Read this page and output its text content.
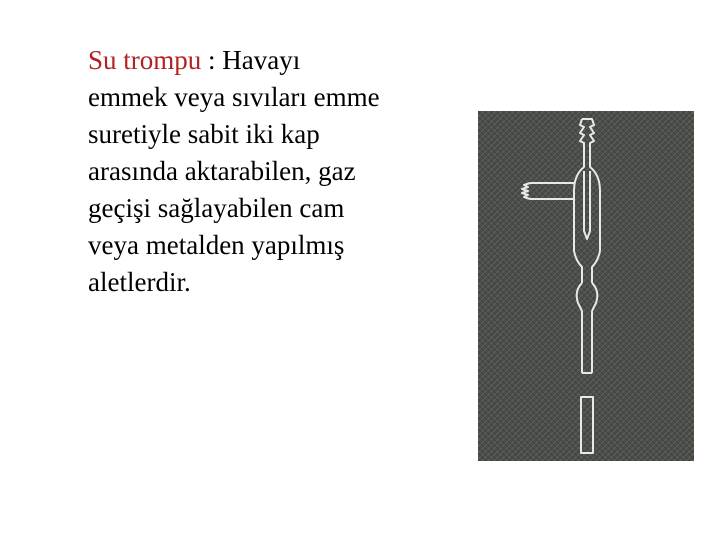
Su trompu : Havayı
emmek veya sıvıları emme
suretiyle sabit iki kap
arasında aktarabilen, gaz
geçişi sağlayabilen cam
veya metalden yapılmış
aletlerdir.
